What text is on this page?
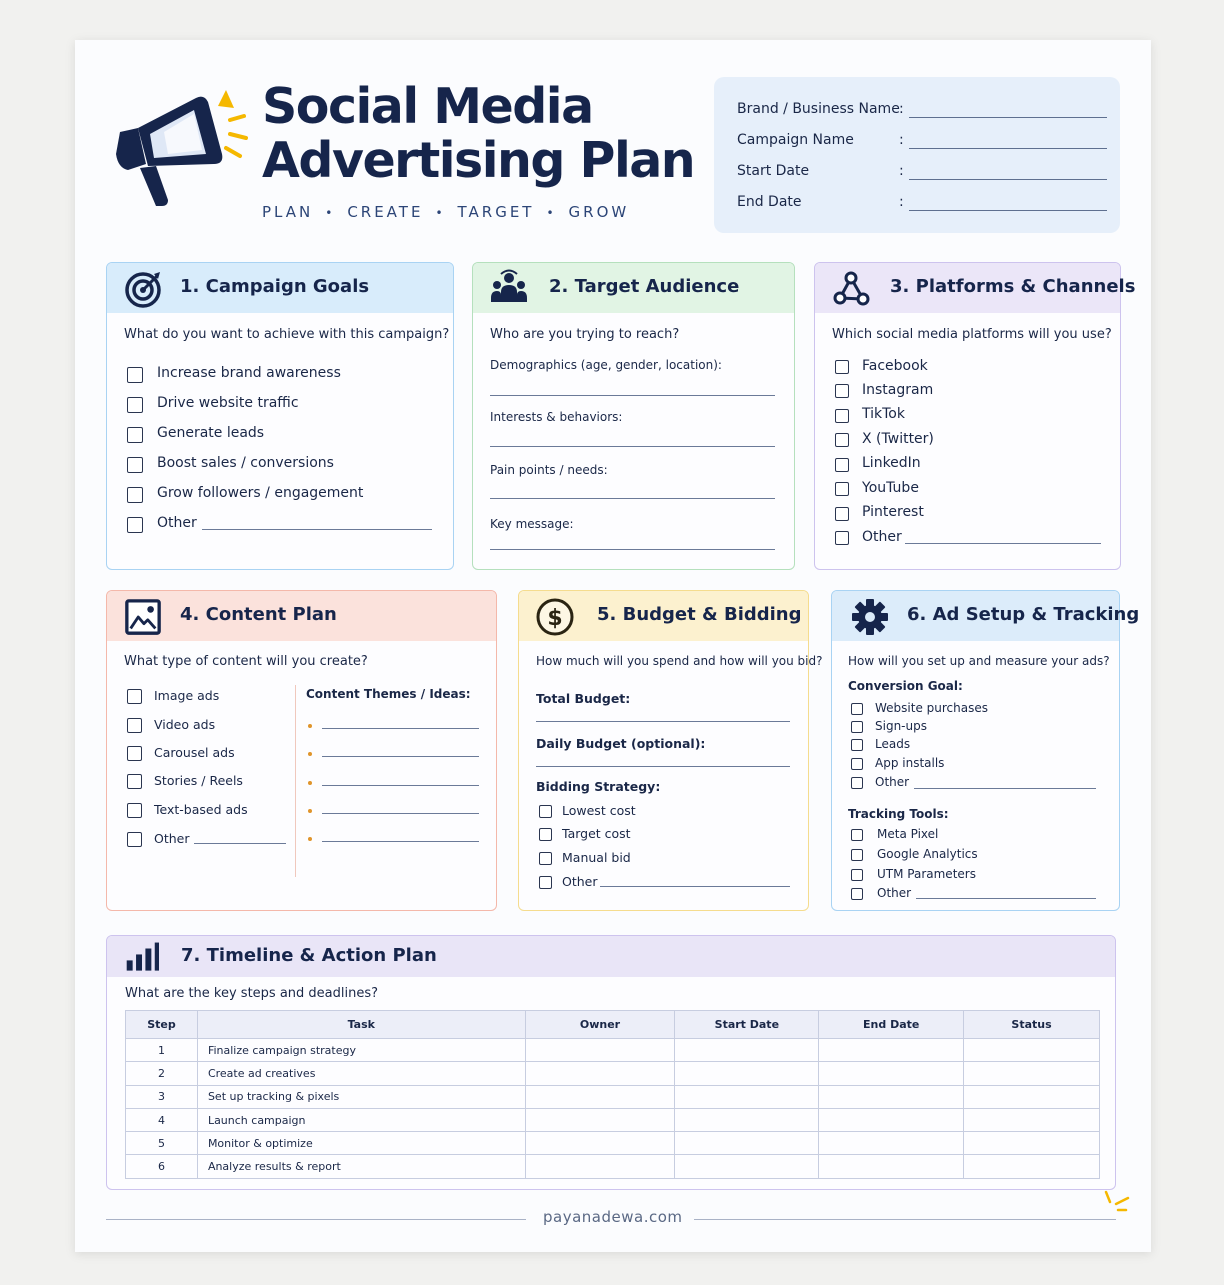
Social Media
Advertising Plan
PLAN • CREATE • TARGET • GROW
Brand / Business Name :
Campaign Name	:
Start Date	:
End Date	:
1. Campaign Goals
What do you want to achieve with this campaign?
Increase brand awareness
Drive website traffic
Generate leads
Boost sales / conversions
Grow followers / engagement
Other
2. Target Audience
Who are you trying to reach?
Demographics (age, gender, location):
Interests & behaviors:
Pain points / needs:
Key message:
3. Platforms & Channels
Which social media platforms will you use?
Facebook
Instagram
TikTok
X (Twitter)
LinkedIn
YouTube
Pinterest
Other
4. Content Plan
What type of content will you create?
Image ads
Video ads
Carousel ads
Stories / Reels
Text-based ads
Other
Content Themes / Ideas:
$ 5. Budget & Bidding
How much will you spend and how will you bid?
Total Budget:
Daily Budget (optional):
Bidding Strategy:
Lowest cost
Target cost
Manual bid
Other
6. Ad Setup & Tracking
How will you set up and measure your ads?
Conversion Goal:
Website purchases
Sign-ups
Leads
App installs
Other
Tracking Tools:
Meta Pixel
Google Analytics
UTM Parameters
Other
7. Timeline & Action Plan
What are the key steps and deadlines?
Step	Task	Owner	Start Date	End Date	Status
1	Finalize campaign strategy				
2	Create ad creatives				
3	Set up tracking & pixels				
4	Launch campaign				
5	Monitor & optimize				
6	Analyze results & report				
payanadewa.com
